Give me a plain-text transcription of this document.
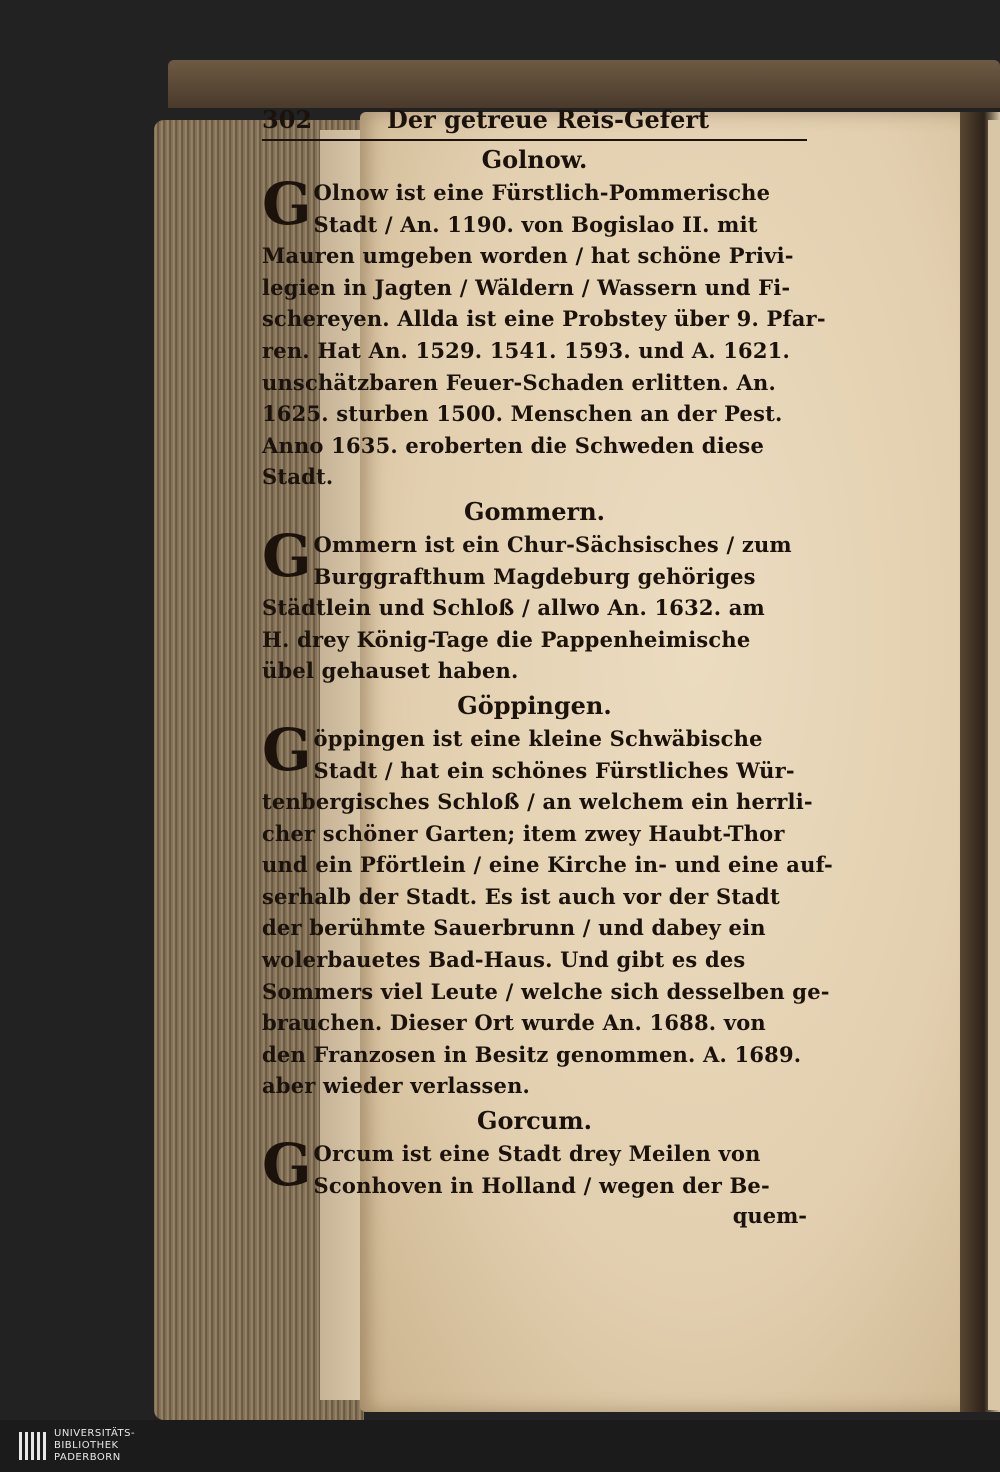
302	Der getreue Reis-Gefert
Golnow.
G Olnow ist eine Fürstlich-Pommerische
Stadt / An. 1190. von Bogislao II. mit
Mauren umgeben worden / hat schöne Privi-
legien in Jagten / Wäldern / Wassern und Fi-
schereyen. Allda ist eine Probstey über 9. Pfar-
ren. Hat An. 1529. 1541. 1593. und A. 1621.
unschätzbaren Feuer-Schaden erlitten. An.
1625. sturben 1500. Menschen an der Pest.
Anno 1635. eroberten die Schweden diese
Stadt.
Gommern.
G Ommern ist ein Chur-Sächsisches / zum
Burggrafthum Magdeburg gehöriges
Städtlein und Schloß / allwo An. 1632. am
H. drey König-Tage die Pappenheimische
übel gehauset haben.
Göppingen.
G öppingen ist eine kleine Schwäbische
Stadt / hat ein schönes Fürstliches Wür-
tenbergisches Schloß / an welchem ein herrli-
cher schöner Garten; item zwey Haubt-Thor
und ein Pförtlein / eine Kirche in- und eine auf-
serhalb der Stadt. Es ist auch vor der Stadt
der berühmte Sauerbrunn / und dabey ein
wolerbauetes Bad-Haus. Und gibt es des
Sommers viel Leute / welche sich desselben ge-
brauchen. Dieser Ort wurde An. 1688. von
den Franzosen in Besitz genommen. A. 1689.
aber wieder verlassen.
Gorcum.
G Orcum ist eine Stadt drey Meilen von
Sconhoven in Holland / wegen der Be-
quem-
UNIVERSITÄTS-
BIBLIOTHEK
PADERBORN
